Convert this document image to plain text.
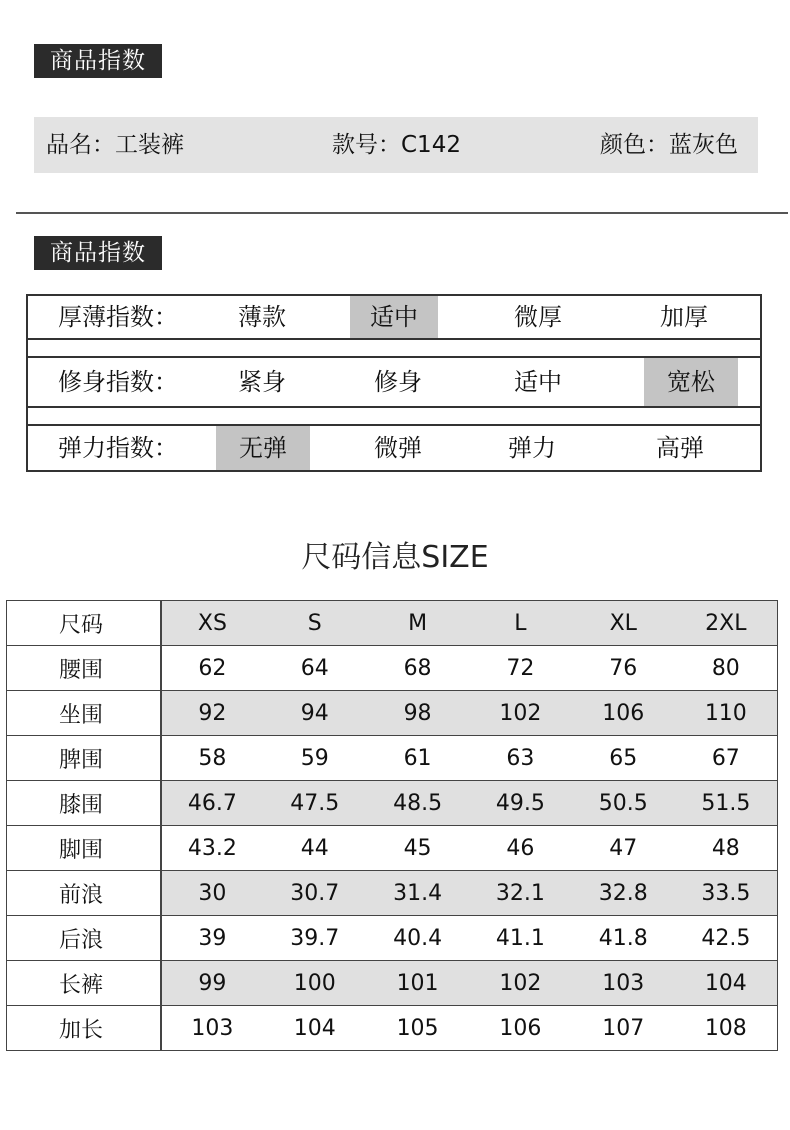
商品指数
品名：工装裤	款号：C142	颜色：蓝灰色
商品指数
厚薄指数：	薄款	适中	微厚	加厚
修身指数：	紧身	修身	适中	宽松
弹力指数：	无弹	微弹	弹力	高弹
尺码信息SIZE
尺码	XS	S	M	L	XL	2XL
腰围	62	64	68	72	76	80
坐围	92	94	98	102	106	110
脾围	58	59	61	63	65	67
膝围	46.7	47.5	48.5	49.5	50.5	51.5
脚围	43.2	44	45	46	47	48
前浪	30	30.7	31.4	32.1	32.8	33.5
后浪	39	39.7	40.4	41.1	41.8	42.5
长裤	99	100	101	102	103	104
加长	103	104	105	106	107	108
